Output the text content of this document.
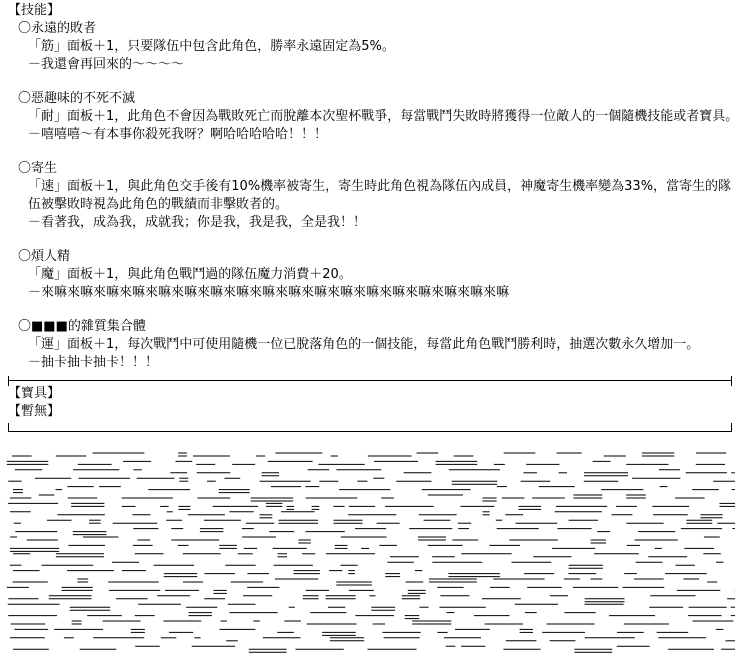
【技能】
〇永遠的敗者

「筋」面板＋1，只要隊伍中包含此角色，勝率永遠固定為5%。

－我還會再回來的～～～～

〇惡趣味的不死不滅

「耐」面板＋1，此角色不會因為戰敗死亡而脫離本次聖杯戰爭，每當戰鬥失敗時將獲得一位敵人的一個隨機技能或者寶具。

－嘻嘻嘻～有本事你殺死我呀？啊哈哈哈哈哈！！！

〇寄生

「速」面板＋1，與此角色交手後有10%機率被寄生，寄生時此角色視為隊伍內成員，神魔寄生機率變為33%，當寄生的隊伍被擊敗時視為此角色的戰績而非擊敗者的。

－看著我，成為我，成就我；你是我，我是我，全是我！！

〇煩人精

「魔」面板＋1，與此角色戰鬥過的隊伍魔力消費＋20。

－來嘛來嘛來嘛來嘛來嘛來嘛來嘛來嘛來嘛來嘛來嘛來嘛來嘛來嘛來嘛來嘛來嘛來嘛

〇■■■的雜質集合體

「運」面板＋1，每次戰鬥中可使用隨機一位已脫落角色的一個技能，每當此角色戰鬥勝利時，抽選次數永久增加一。

－抽卡抽卡抽卡！！！

【寶具】
【暫無】
